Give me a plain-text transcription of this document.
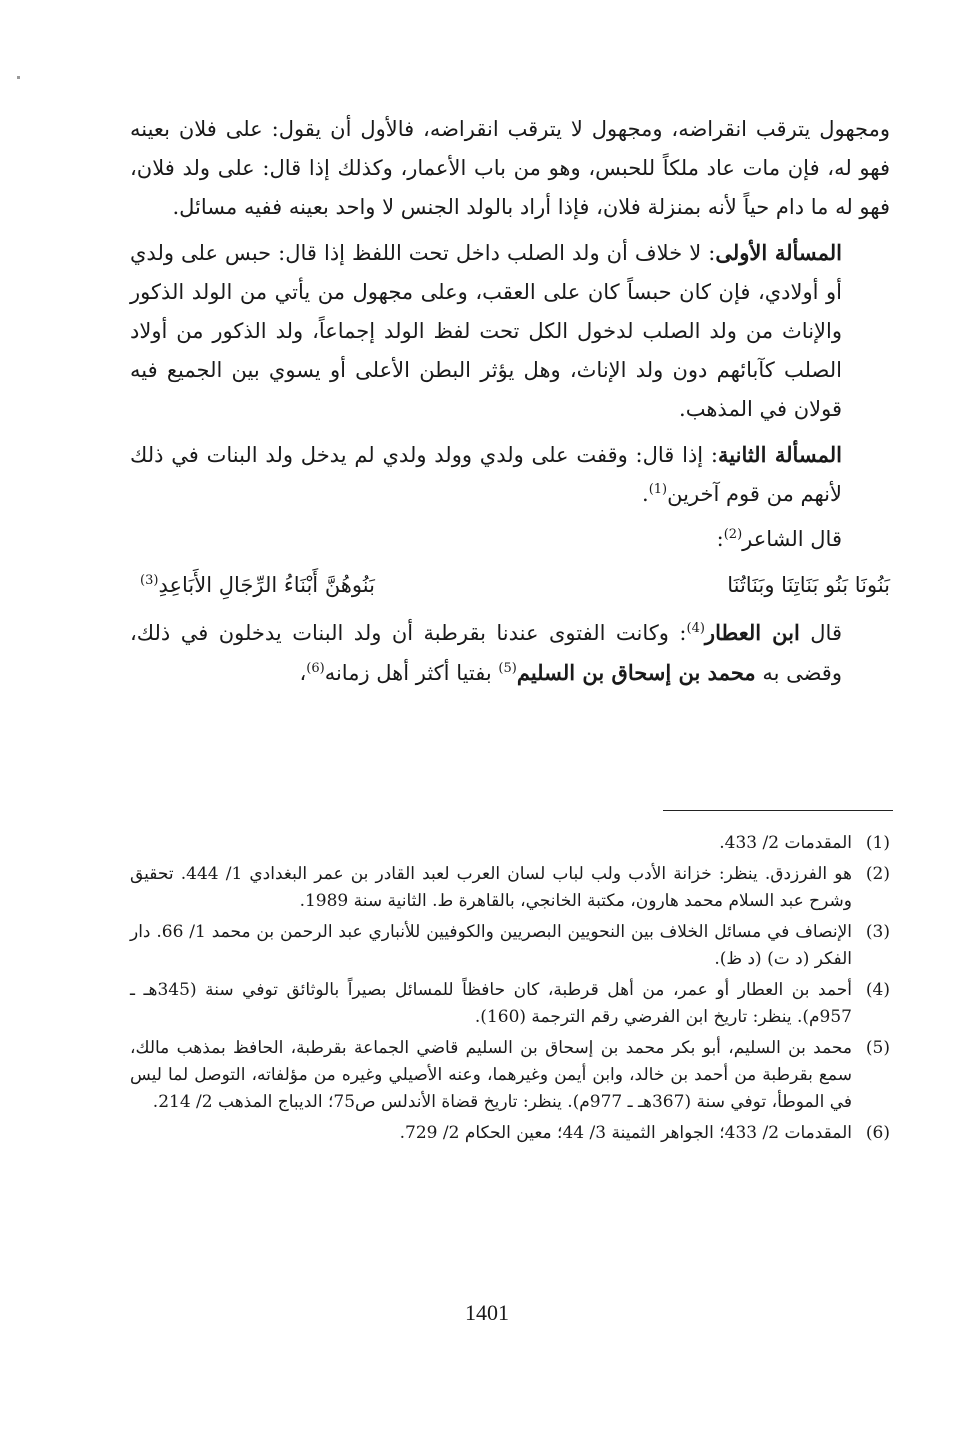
ومجهول يترقب انقراضه، ومجهول لا يترقب انقراضه، فالأول أن يقول: على فلان بعينه فهو له، فإن مات عاد ملكاً للحبس، وهو من باب الأعمار، وكذلك إذا قال: على ولد فلان، فهو له ما دام حياً لأنه بمنزلة فلان، فإذا أراد بالولد الجنس لا واحد بعينه ففيه مسائل.

المسألة الأولى: لا خلاف أن ولد الصلب داخل تحت اللفظ إذا قال: حبس على ولدي أو أولادي، فإن كان حبساً كان على العقب، وعلى مجهول من يأتي من الولد الذكور والإناث من ولد الصلب لدخول الكل تحت لفظ الولد إجماعاً، ولد الذكور من أولاد الصلب كآبائهم دون ولد الإناث، وهل يؤثر البطن الأعلى أو يسوي بين الجميع فيه قولان في المذهب.

المسألة الثانية: إذا قال: وقفت على ولدي وولد ولدي لم يدخل ولد البنات في ذلك لأنهم من قوم آخرين$^{(1)}$.

قال الشاعر$^{(2)}$:

بَنُونَا بَنُو بَنَاتِنَا وبَنَاتُنَا
بَنُوهُنَّ أَبْنَاءُ الرِّجَالِ الأَبَاعِدِ$^{(3)}$

قال ابن العطار$^{(4)}$: وكانت الفتوى عندنا بقرطبة أن ولد البنات يدخلون في ذلك، وقضى به محمد بن إسحاق بن السليم$^{(5)}$ بفتيا أكثر أهل زمانه$^{(6)}$،

(1)
المقدمات 2/ 433.
(2)
هو الفرزدق. ينظر: خزانة الأدب ولب لباب لسان العرب لعبد القادر بن عمر البغدادي 1/ 444. تحقيق وشرح عبد السلام محمد هارون، مكتبة الخانجي، بالقاهرة ط. الثانية سنة 1989.
(3)
الإنصاف في مسائل الخلاف بين النحويين البصريين والكوفيين للأنباري عبد الرحمن بن محمد 1/ 66. دار الفكر (د ت) (د ظ).
(4)
أحمد بن العطار أو عمر، من أهل قرطبة، كان حافظاً للمسائل بصيراً بالوثائق توفي سنة (345هـ ـ 957م). ينظر: تاريخ ابن الفرضي رقم الترجمة (160).
(5)
محمد بن السليم، أبو بكر محمد بن إسحاق بن السليم قاضي الجماعة بقرطبة، الحافظ بمذهب مالك، سمع بقرطبة من أحمد بن خالد، وابن أيمن وغيرهما، وعنه الأصيلي وغيره من مؤلفاته، التوصل لما ليس في الموطأ، توفي سنة (367هـ ـ 977م). ينظر: تاريخ قضاة الأندلس ص75؛ الديباج المذهب 2/ 214.
(6)
المقدمات 2/ 433؛ الجواهر الثمينة 3/ 44؛ معين الحكام 2/ 729.
1401
